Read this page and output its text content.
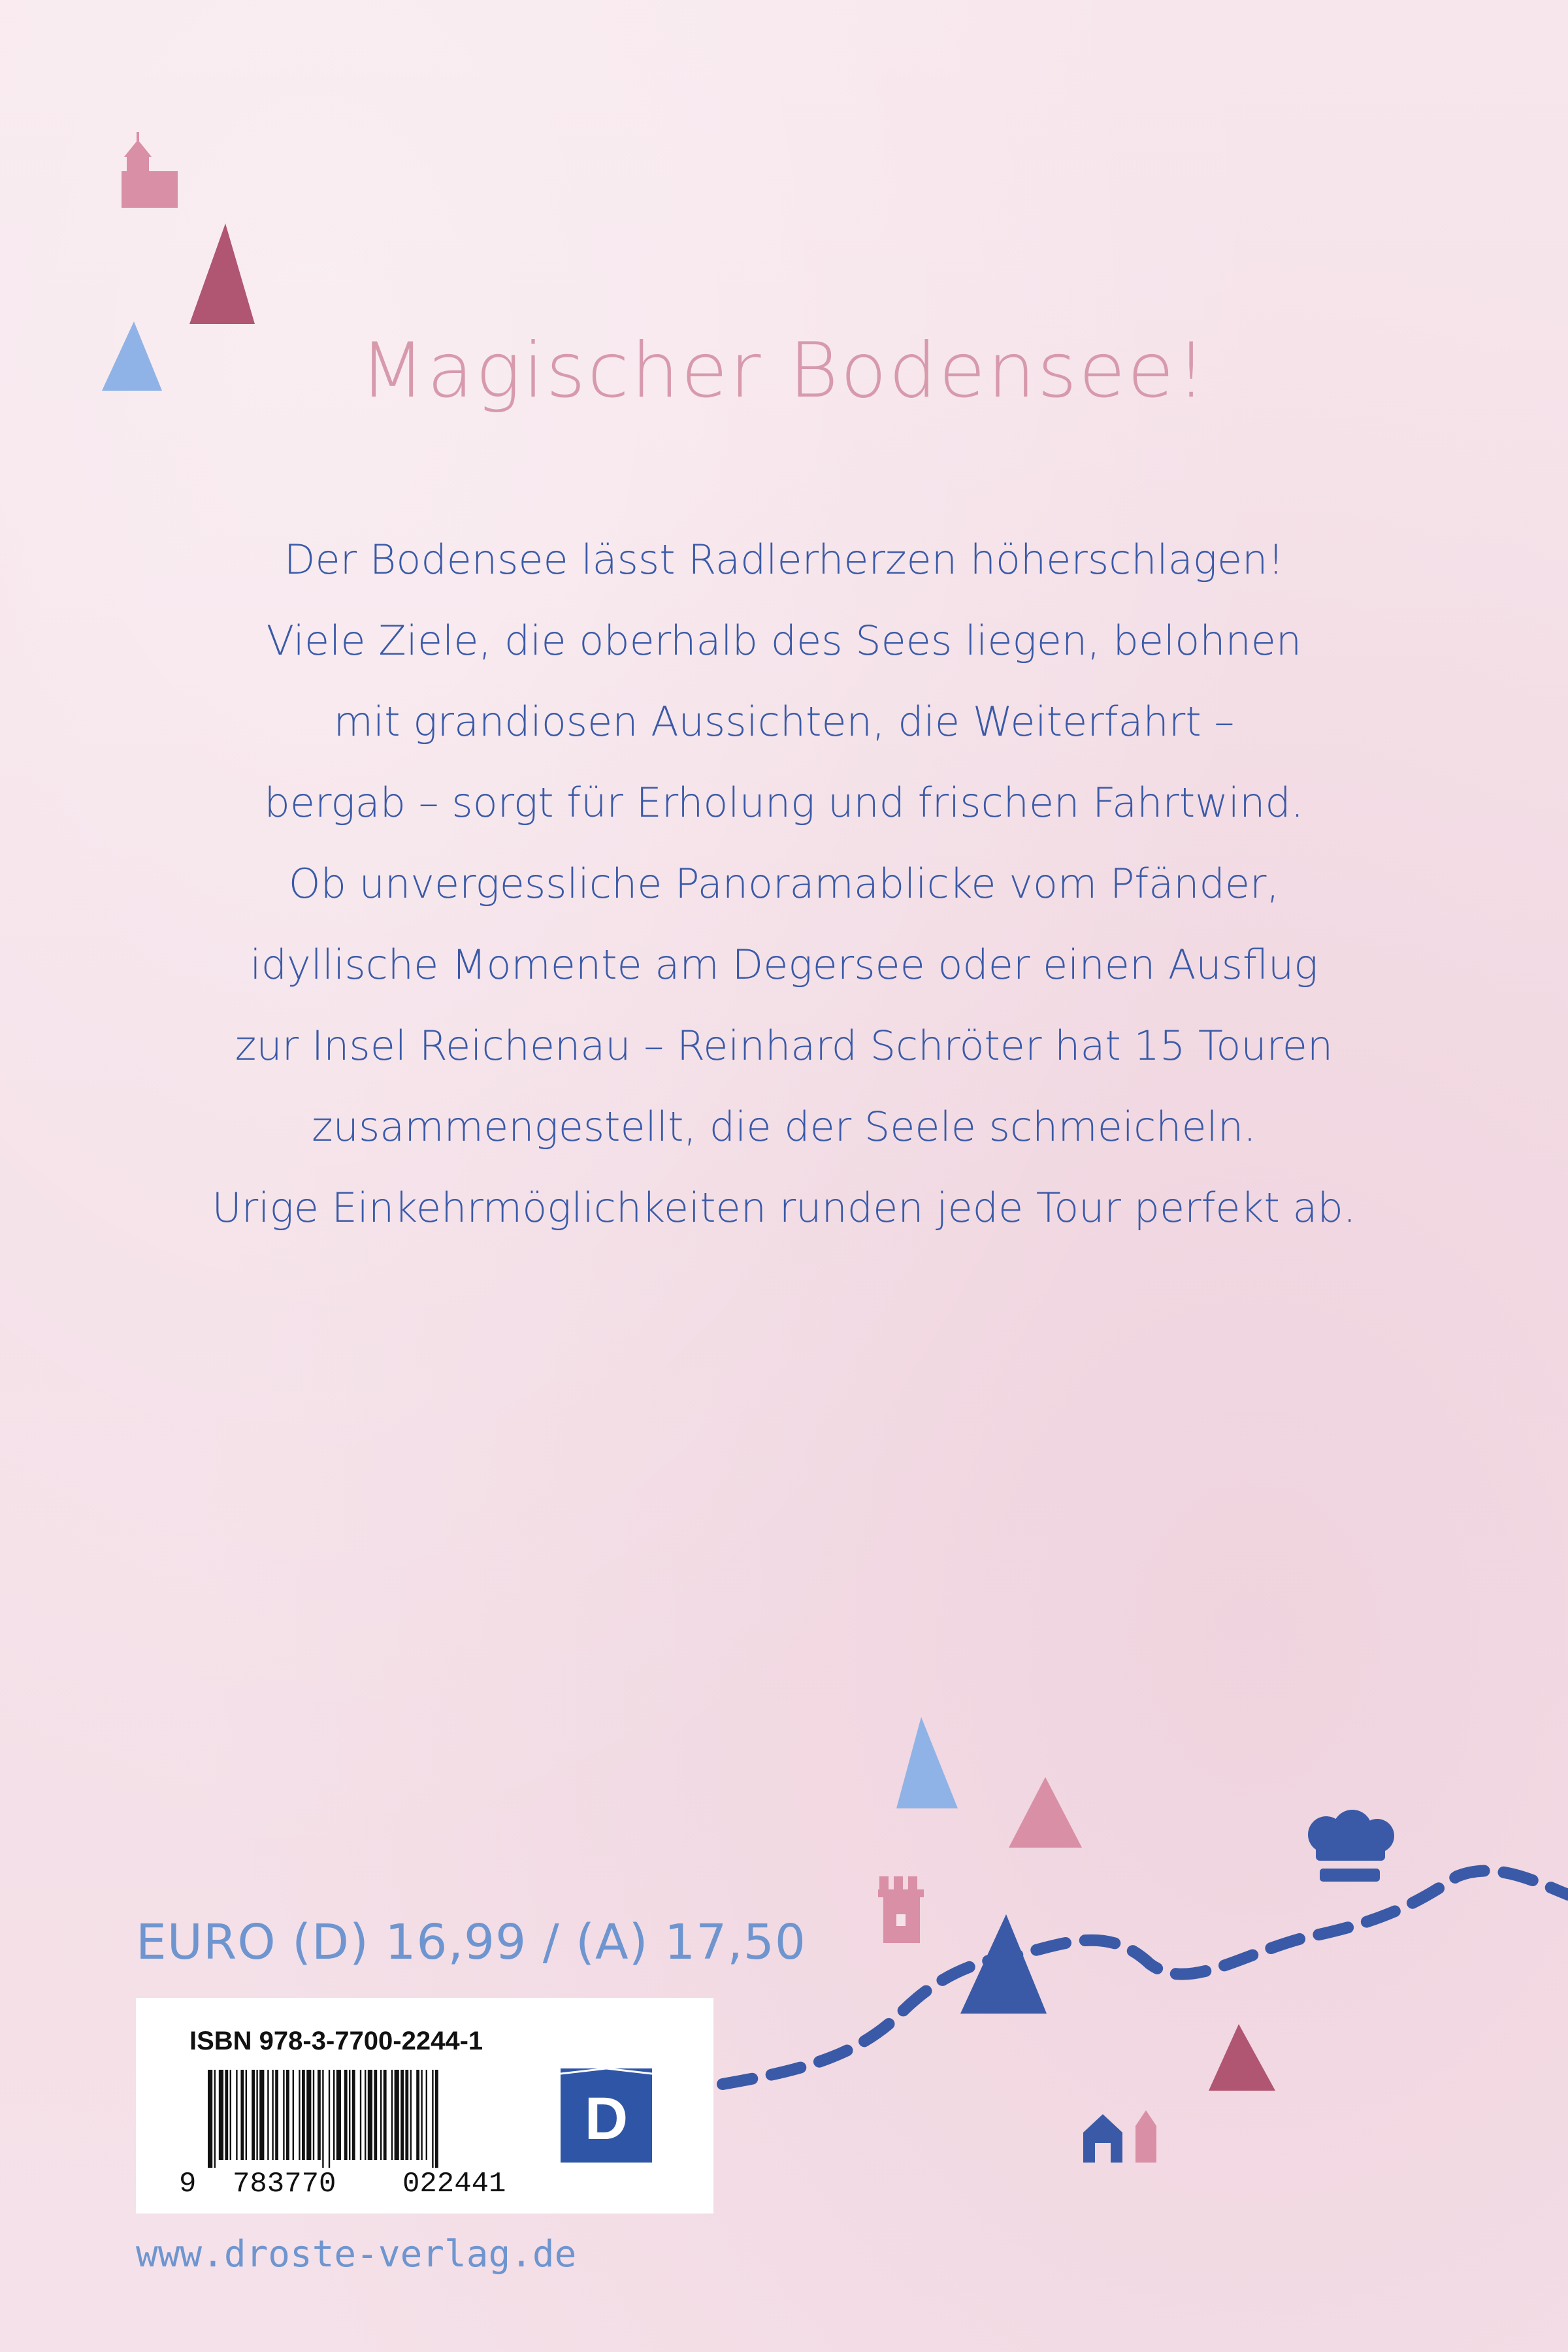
Magischer Bodensee!
Der Bodensee lässt Radlerherzen höherschlagen!
Viele Ziele, die oberhalb des Sees liegen, belohnen
mit grandiosen Aussichten, die Weiterfahrt –
bergab – sorgt für Erholung und frischen Fahrtwind.
Ob unvergessliche Panoramablicke vom Pfänder,
idyllische Momente am Degersee oder einen Ausflug
zur Insel Reichenau – Reinhard Schröter hat 15 Touren
zusammengestellt, die der Seele schmeicheln.
Urige Einkehrmöglichkeiten runden jede Tour perfekt ab.
EURO (D) 16,99 / (A) 17,50
ISBN 978-3-7700-2244-1
9 783770 022441
D
www.droste-verlag.de
